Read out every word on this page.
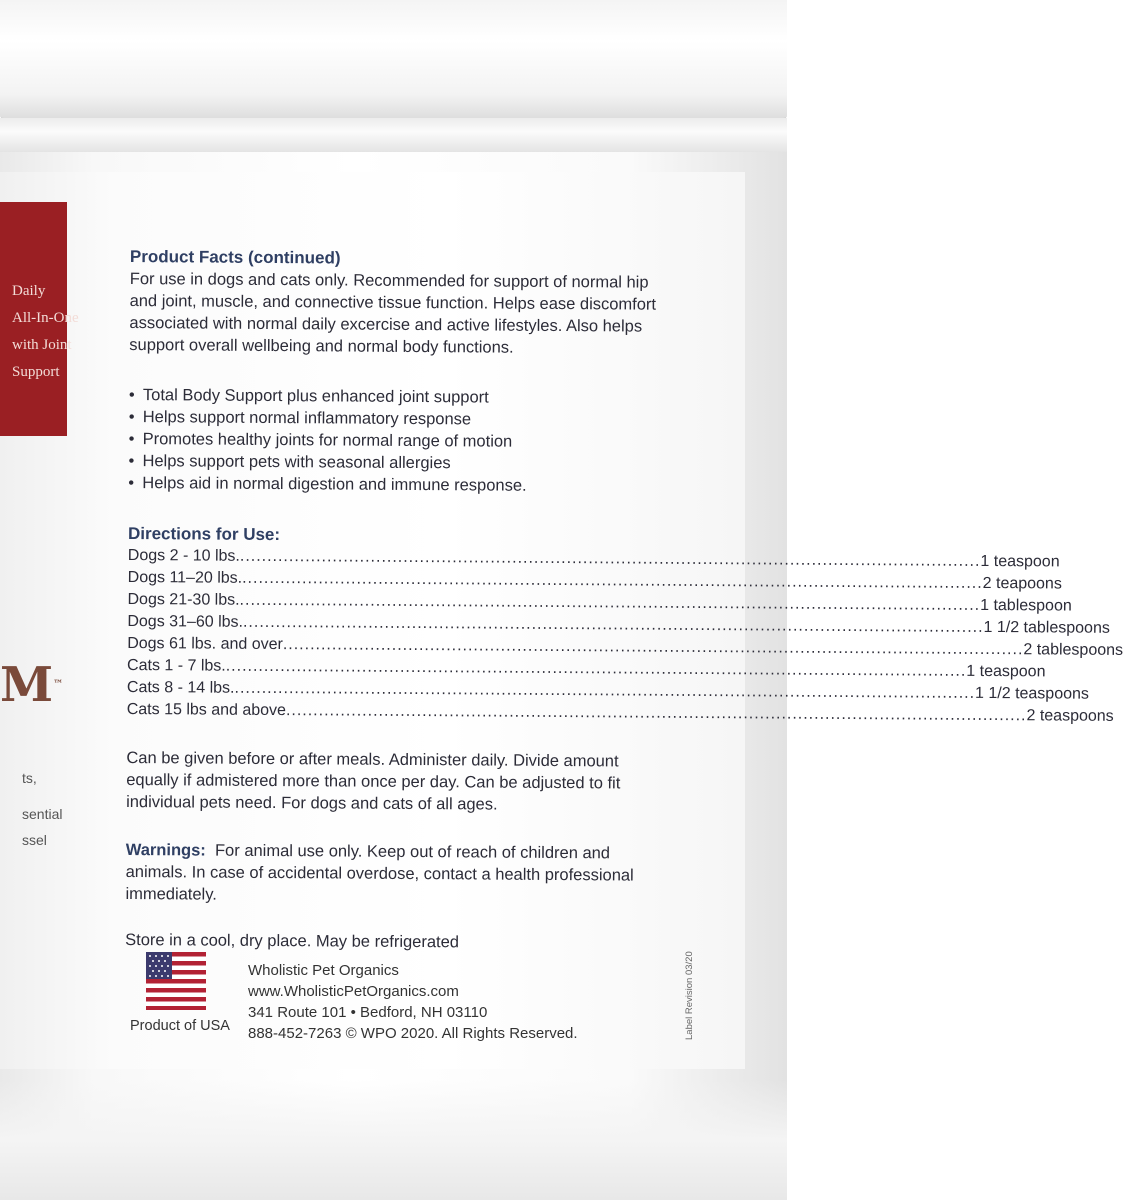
Daily
All-In-One
with Joint
Support
M™
ts,
sential
ssel

Product Facts (continued)

For use in dogs and cats only. Recommended for support of normal hip and joint, muscle, and connective tissue function. Helps ease discomfort associated with normal daily excercise and active lifestyles. Also helps support overall wellbeing and normal body functions.

• Total Body Support plus enhanced joint support
• Helps support normal inflammatory response
• Promotes healthy joints for normal range of motion
• Helps support pets with seasonal allergies
• Helps aid in normal digestion and immune response.

Directions for Use:

Dogs 2 - 10 lbs. .....	1 teaspoon
Dogs 11–20 lbs. .....	2 teapoons
Dogs 21-30 lbs. .....	1 tablespoon
Dogs 31–60 lbs. .....	1 1/2 tablespoons
Dogs 61 lbs. and over .....	2 tablespoons
Cats 1 - 7 lbs. .....	1 teaspoon
Cats 8 - 14 lbs. .....	1 1/2 teaspoons
Cats 15 lbs and above .....	2 teaspoons

Can be given before or after meals. Administer daily. Divide amount equally if admistered more than once per day. Can be adjusted to fit individual pets need. For dogs and cats of all ages.

Warnings: For animal use only. Keep out of reach of children and animals. In case of accidental overdose, contact a health professional immediately.

Store in a cool, dry place. May be refrigerated

Product of USA
Wholistic Pet Organics
www.WholisticPetOrganics.com
341 Route 101 • Bedford, NH 03110
888-452-7263 © WPO 2020. All Rights Reserved.	Label Revision 03/20
